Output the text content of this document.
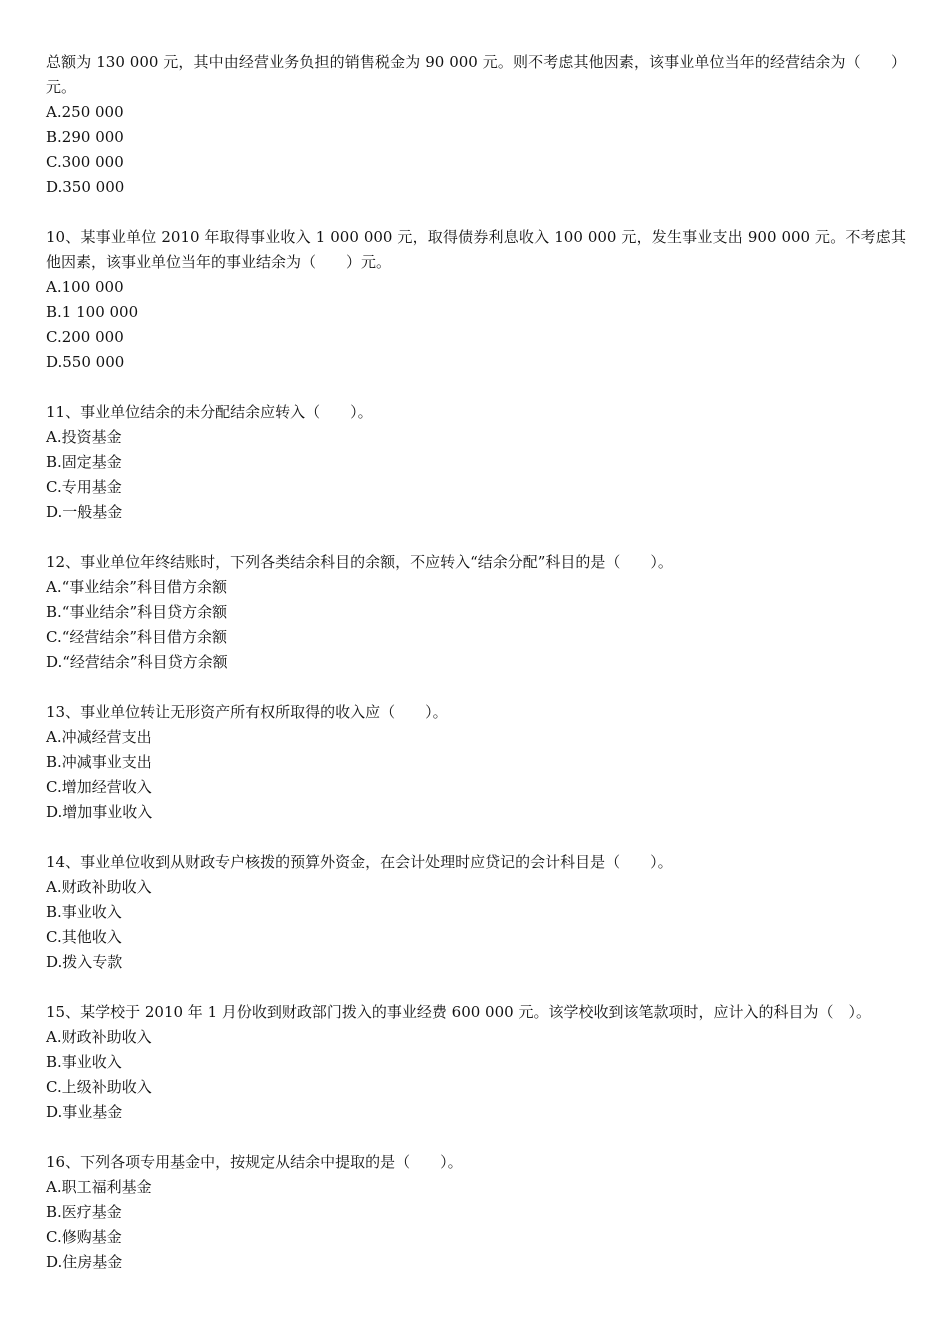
总额为 130 000 元，其中由经营业务负担的销售税金为 90 000 元。则不考虑其他因素，该事业单位当年的经营结余为（　　）元。
A.250 000
B.290 000
C.300 000
D.350 000
10、某事业单位 2010 年取得事业收入 1 000 000 元，取得债券利息收入 100 000 元，发生事业支出 900 000 元。不考虑其他因素，该事业单位当年的事业结余为（　　）元。
A.100 000
B.1 100 000
C.200 000
D.550 000
11、事业单位结余的未分配结余应转入（　　）。
A.投资基金
B.固定基金
C.专用基金
D.一般基金
12、事业单位年终结账时，下列各类结余科目的余额，不应转入“结余分配”科目的是（　　）。
A.“事业结余”科目借方余额
B.“事业结余”科目贷方余额
C.“经营结余”科目借方余额
D.“经营结余”科目贷方余额
13、事业单位转让无形资产所有权所取得的收入应（　　）。
A.冲减经营支出
B.冲减事业支出
C.增加经营收入
D.增加事业收入
14、事业单位收到从财政专户核拨的预算外资金，在会计处理时应贷记的会计科目是（　　）。
A.财政补助收入
B.事业收入
C.其他收入
D.拨入专款
15、某学校于 2010 年 1 月份收到财政部门拨入的事业经费 600 000 元。该学校收到该笔款项时，应计入的科目为（　）。
A.财政补助收入
B.事业收入
C.上级补助收入
D.事业基金
16、下列各项专用基金中，按规定从结余中提取的是（　　）。
A.职工福利基金
B.医疗基金
C.修购基金
D.住房基金
